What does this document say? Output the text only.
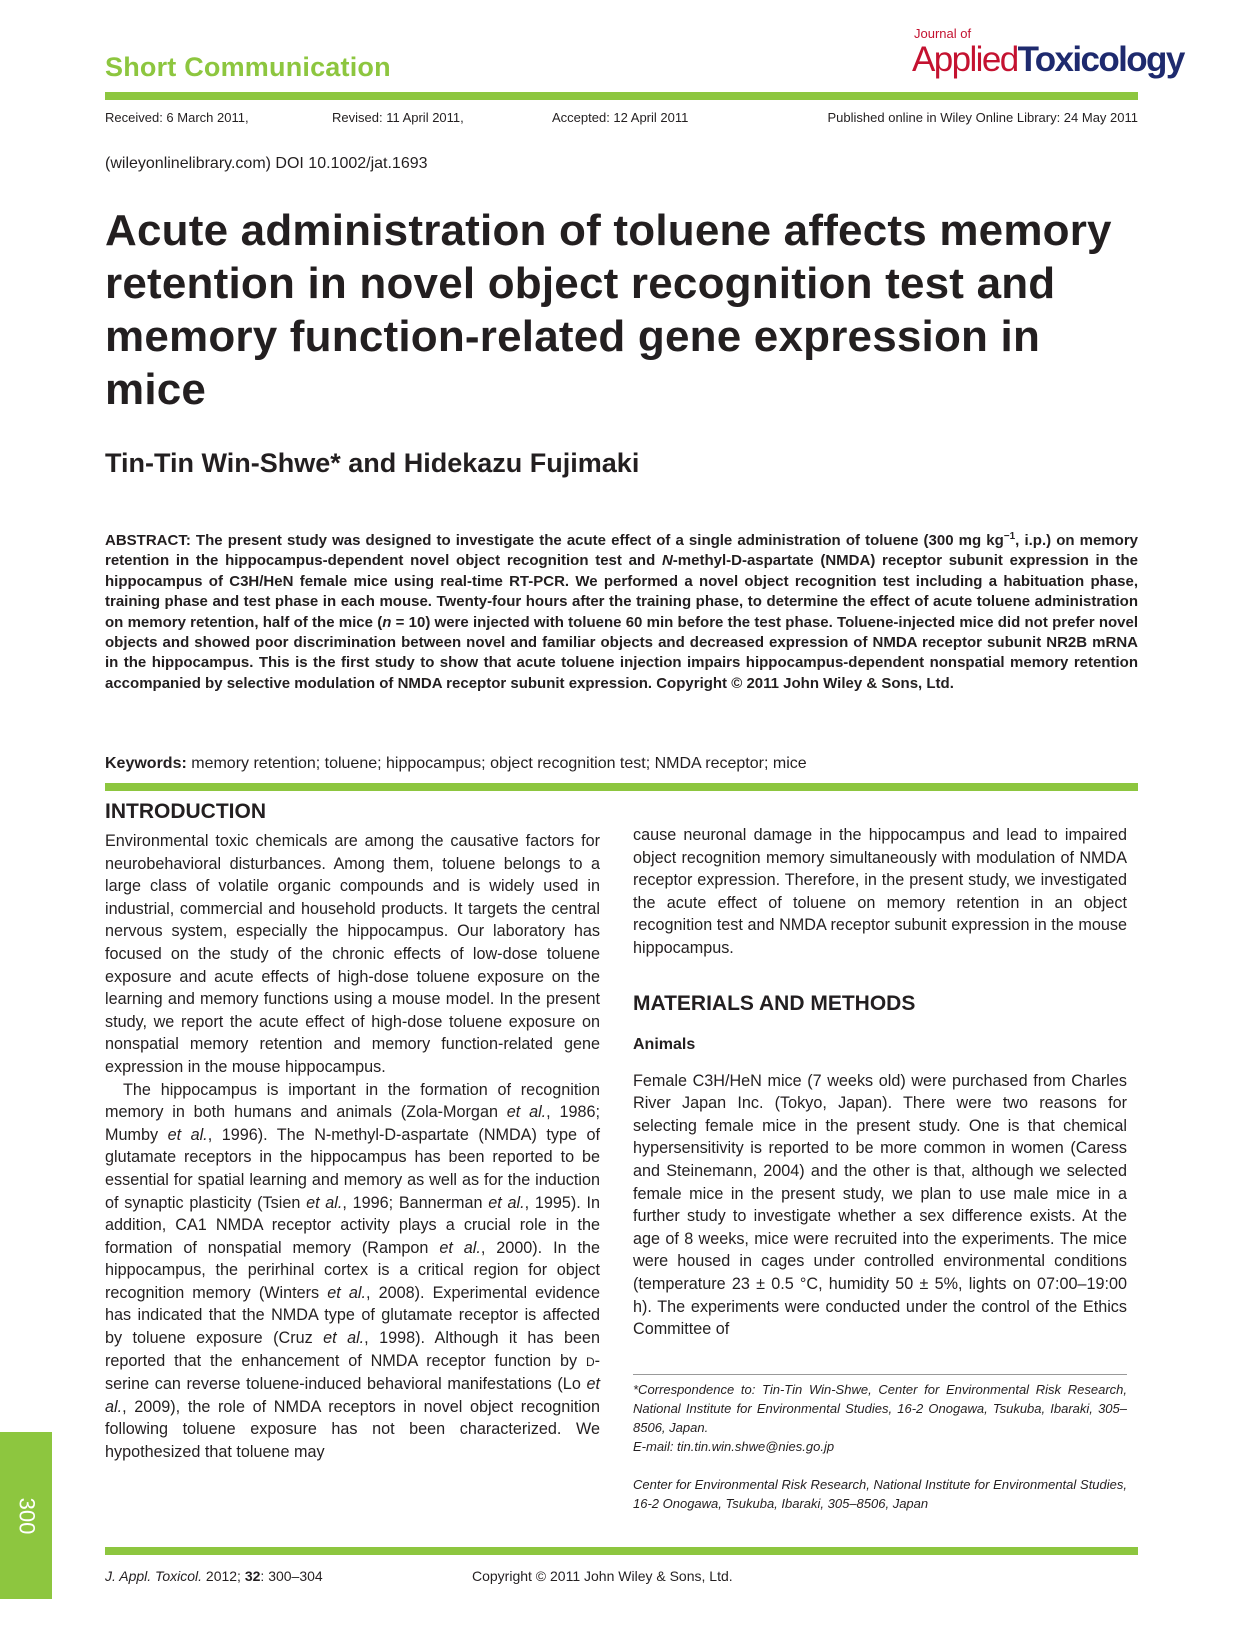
Short Communication
Journal of
AppliedToxicology
Received: 6 March 2011,	Revised: 11 April 2011,	Accepted: 12 April 2011	Published online in Wiley Online Library: 24 May 2011
(wileyonlinelibrary.com) DOI 10.1002/jat.1693
Acute administration of toluene affects memory retention in novel object recognition test and memory function-related gene expression in mice
Tin-Tin Win-Shwe* and Hidekazu Fujimaki

ABSTRACT: The present study was designed to investigate the acute effect of a single administration of toluene (300 mg $kg^{-1}$, i.p.) on memory retention in the hippocampus-dependent novel object recognition test and N-methyl-D-aspartate (NMDA) receptor subunit expression in the hippocampus of C3H/HeN female mice using real-time RT-PCR. We performed a novel object recognition test including a habituation phase, training phase and test phase in each mouse. Twenty-four hours after the training phase, to determine the effect of acute toluene administration on memory retention, half of the mice (n = 10) were injected with toluene 60 min before the test phase. Toluene-injected mice did not prefer novel objects and showed poor discrimination between novel and familiar objects and decreased expression of NMDA receptor subunit NR2B mRNA in the hippocampus. This is the first study to show that acute toluene injection impairs hippocampus-dependent nonspatial memory retention accompanied by selective modulation of NMDA receptor subunit expression. Copyright © 2011 John Wiley & Sons, Ltd.

Keywords: memory retention; toluene; hippocampus; object recognition test; NMDA receptor; mice

INTRODUCTION

Environmental toxic chemicals are among the causative factors for neurobehavioral disturbances. Among them, toluene belongs to a large class of volatile organic compounds and is widely used in industrial, commercial and household products. It targets the central nervous system, especially the hippocampus. Our laboratory has focused on the study of the chronic effects of low-dose toluene exposure and acute effects of high-dose toluene exposure on the learning and memory functions using a mouse model. In the present study, we report the acute effect of high-dose toluene exposure on nonspatial memory retention and memory function-related gene expression in the mouse hippocampus.

The hippocampus is important in the formation of recognition memory in both humans and animals (Zola-Morgan et al., 1986; Mumby et al., 1996). The N-methyl-D-aspartate (NMDA) type of glutamate receptors in the hippocampus has been reported to be essential for spatial learning and memory as well as for the induction of synaptic plasticity (Tsien et al., 1996; Bannerman et al., 1995). In addition, CA1 NMDA receptor activity plays a crucial role in the formation of nonspatial memory (Rampon et al., 2000). In the hippocampus, the perirhinal cortex is a critical region for object recognition memory (Winters et al., 2008). Experimental evidence has indicated that the NMDA type of glutamate receptor is affected by toluene exposure (Cruz et al., 1998). Although it has been reported that the enhancement of NMDA receptor function by D-serine can reverse toluene-induced behavioral manifestations (Lo et al., 2009), the role of NMDA receptors in novel object recognition following toluene exposure has not been characterized. We hypothesized that toluene may

cause neuronal damage in the hippocampus and lead to impaired object recognition memory simultaneously with modulation of NMDA receptor expression. Therefore, in the present study, we investigated the acute effect of toluene on memory retention in an object recognition test and NMDA receptor subunit expression in the mouse hippocampus.

MATERIALS AND METHODS
Animals

Female C3H/HeN mice (7 weeks old) were purchased from Charles River Japan Inc. (Tokyo, Japan). There were two reasons for selecting female mice in the present study. One is that chemical hypersensitivity is reported to be more common in women (Caress and Steinemann, 2004) and the other is that, although we selected female mice in the present study, we plan to use male mice in a further study to investigate whether a sex difference exists. At the age of 8 weeks, mice were recruited into the experiments. The mice were housed in cages under controlled environmental conditions (temperature 23 ± 0.5 °C, humidity 50 ± 5%, lights on 07:00–19:00 h). The experiments were conducted under the control of the Ethics Committee of

*Correspondence to: Tin-Tin Win-Shwe, Center for Environmental Risk Research, National Institute for Environmental Studies, 16-2 Onogawa, Tsukuba, Ibaraki, 305–8506, Japan.

E-mail: tin.tin.win.shwe@nies.go.jp

Center for Environmental Risk Research, National Institute for Environmental Studies, 16-2 Onogawa, Tsukuba, Ibaraki, 305–8506, Japan

300
J. Appl. Toxicol. 2012; 32: 300–304	Copyright © 2011 John Wiley & Sons, Ltd.
